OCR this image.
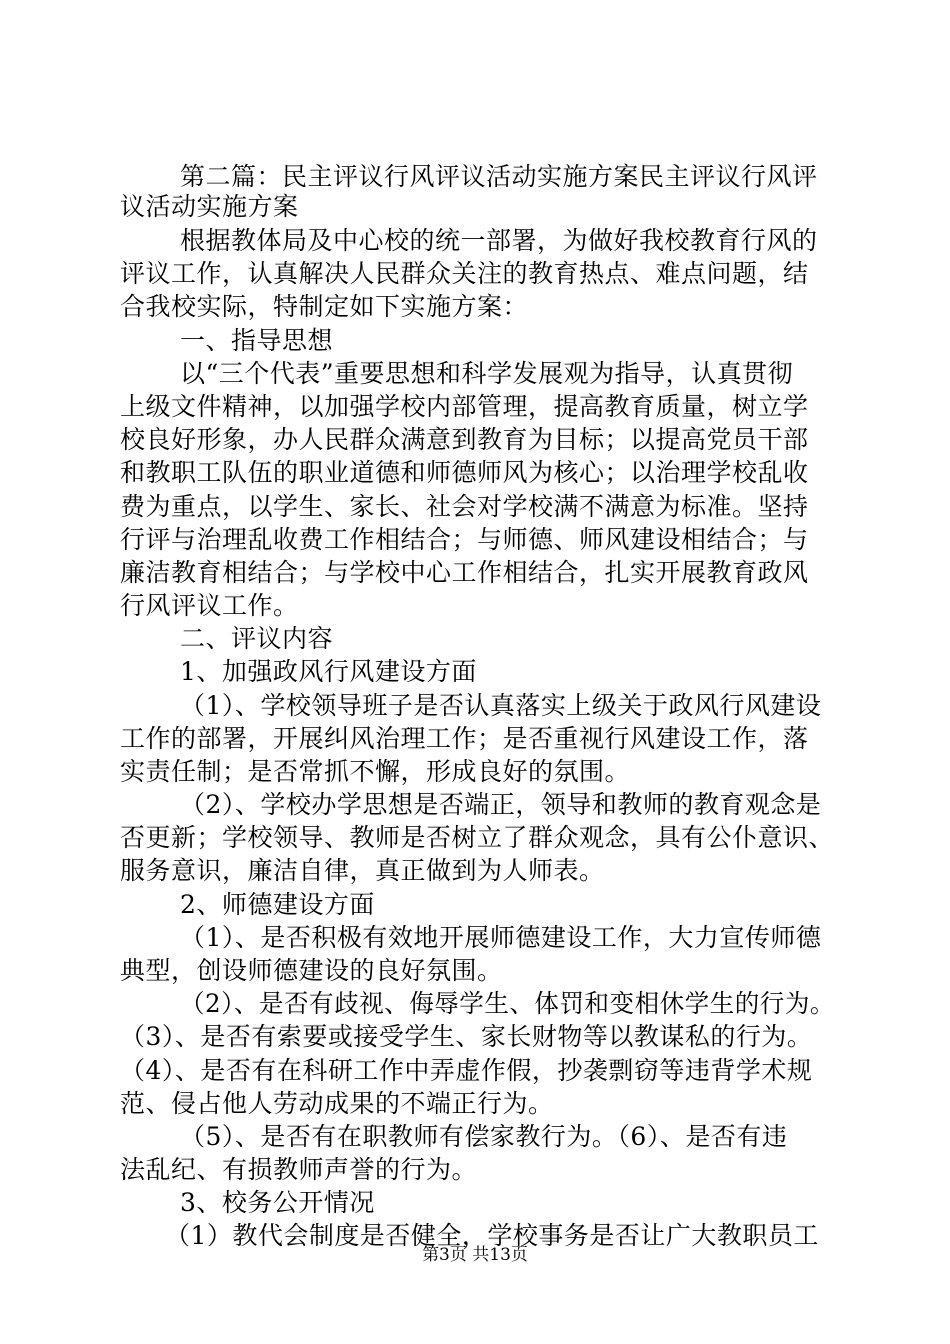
第二篇：民主评议行风评议活动实施方案民主评议行风评
议活动实施方案
根据教体局及中心校的统一部署，为做好我校教育行风的
评议工作，认真解决人民群众关注的教育热点、难点问题，结
合我校实际，特制定如下实施方案：
一、指导思想
以“三个代表”重要思想和科学发展观为指导，认真贯彻
上级文件精神，以加强学校内部管理，提高教育质量，树立学
校良好形象，办人民群众满意到教育为目标；以提高党员干部
和教职工队伍的职业道德和师德师风为核心；以治理学校乱收
费为重点，以学生、家长、社会对学校满不满意为标准。坚持
行评与治理乱收费工作相结合；与师德、师风建设相结合；与
廉洁教育相结合；与学校中心工作相结合，扎实开展教育政风
行风评议工作。
二、评议内容
1、加强政风行风建设方面
（1）、学校领导班子是否认真落实上级关于政风行风建设
工作的部署，开展纠风治理工作；是否重视行风建设工作，落
实责任制；是否常抓不懈，形成良好的氛围。
（2）、学校办学思想是否端正，领导和教师的教育观念是
否更新；学校领导、教师是否树立了群众观念，具有公仆意识、
服务意识，廉洁自律，真正做到为人师表。
2、师德建设方面
（1）、是否积极有效地开展师德建设工作，大力宣传师德
典型，创设师德建设的良好氛围。
（2）、是否有歧视、侮辱学生、体罚和变相休学生的行为。
（3）、是否有索要或接受学生、家长财物等以教谋私的行为。
（4）、是否有在科研工作中弄虚作假，抄袭剽窃等违背学术规
范、侵占他人劳动成果的不端正行为。
（5）、是否有在职教师有偿家教行为。（6）、是否有违
法乱纪、有损教师声誉的行为。
3、校务公开情况
（1）教代会制度是否健全，学校事务是否让广大教职员工
第3页 共13页
